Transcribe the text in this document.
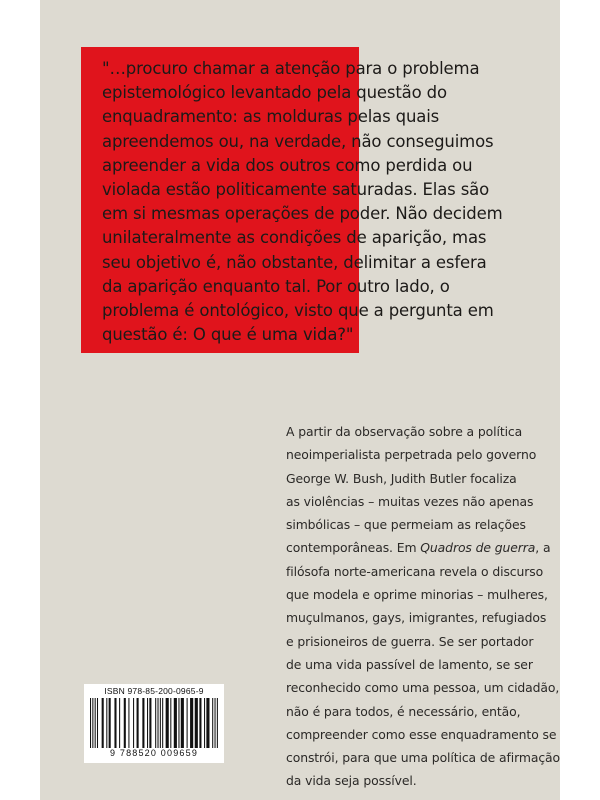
"…procuro chamar a atenção para o problema
epistemológico levantado pela questão do
enquadramento: as molduras pelas quais
apreendemos ou, na verdade, não conseguimos
apreender a vida dos outros como perdida ou
violada estão politicamente saturadas. Elas são
em si mesmas operações de poder. Não decidem
unilateralmente as condições de aparição, mas
seu objetivo é, não obstante, delimitar a esfera
da aparição enquanto tal. Por outro lado, o
problema é ontológico, visto que a pergunta em
questão é: O que é uma vida?"

A partir da observação sobre a política
neoimperialista perpetrada pelo governo
George W. Bush, Judith Butler focaliza
as violências – muitas vezes não apenas
simbólicas – que permeiam as relações
contemporâneas. Em Quadros de guerra, a
filósofa norte-americana revela o discurso
que modela e oprime minorias – mulheres,
muçulmanos, gays, imigrantes, refugiados
e prisioneiros de guerra. Se ser portador
de uma vida passível de lamento, se ser
reconhecido como uma pessoa, um cidadão,
não é para todos, é necessário, então,
compreender como esse enquadramento se
constrói, para que uma política de afirmação
da vida seja possível.

ISBN 978-85-200-0965-9
9 788520 009659
